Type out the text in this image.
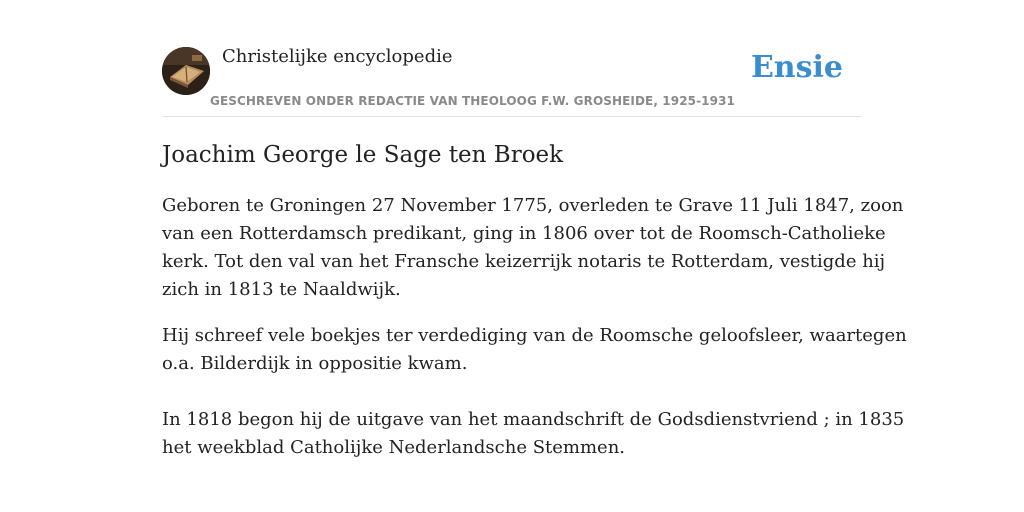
Christelijke encyclopedie
GESCHREVEN ONDER REDACTIE VAN THEOLOOG F.W. GROSHEIDE, 1925-1931
Ensie
Joachim George le Sage ten Broek

Geboren te Groningen 27 November 1775, overleden te Grave 11 Juli 1847, zoon
van een Rotterdamsch predikant, ging in 1806 over tot de Roomsch-Catholieke
kerk. Tot den val van het Fransche keizerrijk notaris te Rotterdam, vestigde hij
zich in 1813 te Naaldwijk.

Hij schreef vele boekjes ter verdediging van de Roomsche geloofsleer, waartegen
o.a. Bilderdijk in oppositie kwam.

In 1818 begon hij de uitgave van het maandschrift de Godsdienstvriend ; in 1835
het weekblad Catholijke Nederlandsche Stemmen.
